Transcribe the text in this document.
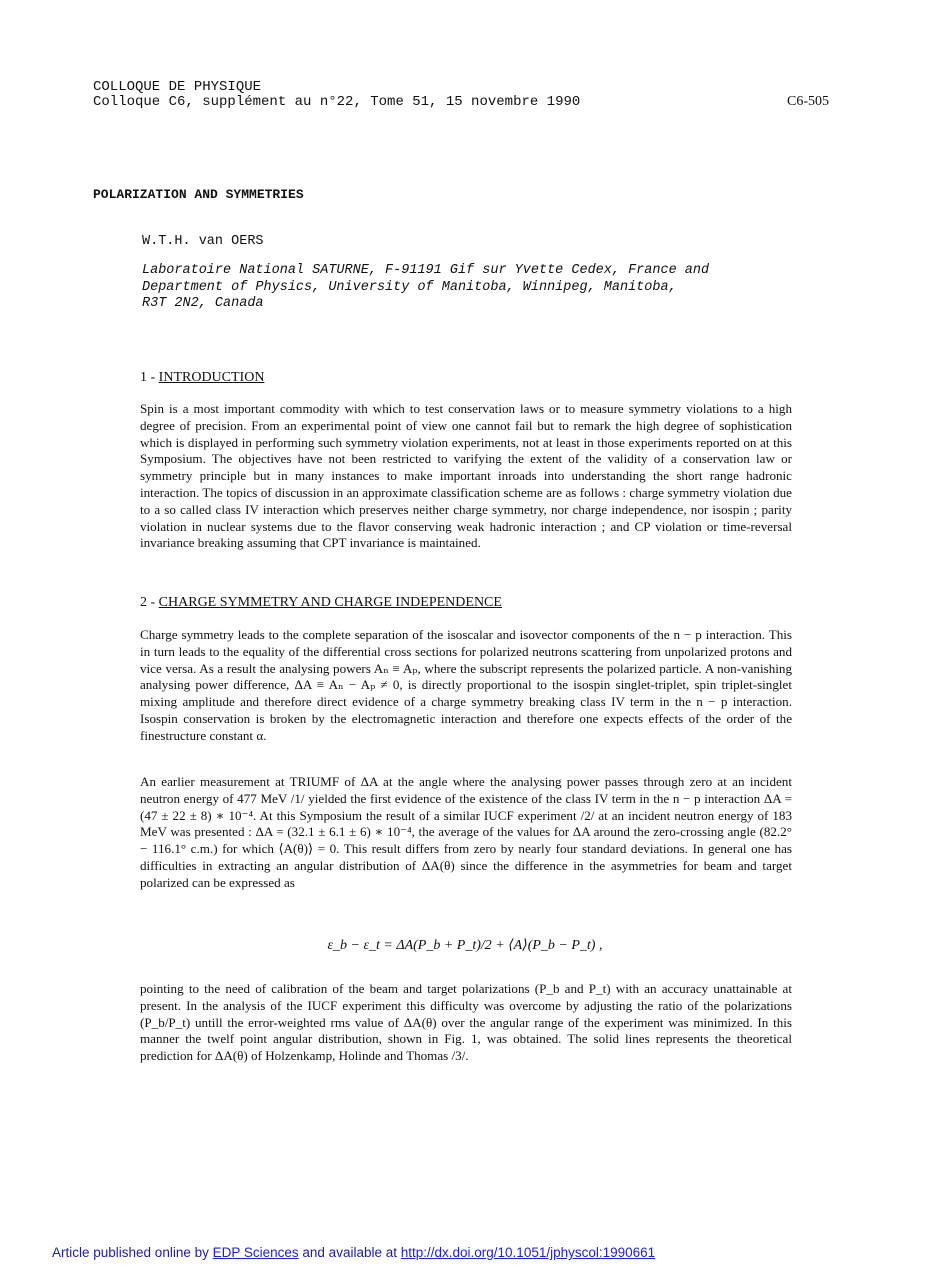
COLLOQUE DE PHYSIQUE
Colloque C6, supplément au n°22, Tome 51, 15 novembre 1990	C6-505
POLARIZATION AND SYMMETRIES
W.T.H. van OERS
Laboratoire National SATURNE, F-91191 Gif sur Yvette Cedex, France and
Department of Physics, University of Manitoba, Winnipeg, Manitoba,
R3T 2N2, Canada
1 - INTRODUCTION

Spin is a most important commodity with which to test conservation laws or to measure symmetry violations to a high degree of precision. From an experimental point of view one cannot fail but to remark the high degree of sophistication which is displayed in performing such symmetry violation experiments, not at least in those experiments reported on at this Symposium. The objectives have not been restricted to varifying the extent of the validity of a conservation law or symmetry principle but in many instances to make important inroads into understanding the short range hadronic interaction. The topics of discussion in an approximate classification scheme are as follows : charge symmetry violation due to a so called class IV interaction which preserves neither charge symmetry, nor charge independence, nor isospin ; parity violation in nuclear systems due to the flavor conserving weak hadronic interaction ; and CP violation or time-reversal invariance breaking assuming that CPT invariance is maintained.

2 - CHARGE SYMMETRY AND CHARGE INDEPENDENCE

Charge symmetry leads to the complete separation of the isoscalar and isovector components of the n − p interaction. This in turn leads to the equality of the differential cross sections for polarized neutrons scattering from unpolarized protons and vice versa. As a result the analysing powers Aₙ ≡ Aₚ, where the subscript represents the polarized particle. A non-vanishing analysing power difference, ΔA ≡ Aₙ − Aₚ ≠ 0, is directly proportional to the isospin singlet-triplet, spin triplet-singlet mixing amplitude and therefore direct evidence of a charge symmetry breaking class IV term in the n − p interaction. Isospin conservation is broken by the electromagnetic interaction and therefore one expects effects of the order of the finestructure constant α.

An earlier measurement at TRIUMF of ΔA at the angle where the analysing power passes through zero at an incident neutron energy of 477 MeV /1/ yielded the first evidence of the existence of the class IV term in the n − p interaction ΔA = (47 ± 22 ± 8) ∗ 10⁻⁴. At this Symposium the result of a similar IUCF experiment /2/ at an incident neutron energy of 183 MeV was presented : ΔA = (32.1 ± 6.1 ± 6) ∗ 10⁻⁴, the average of the values for ΔA around the zero-crossing angle (82.2° − 116.1° c.m.) for which ⟨A(θ)⟩ = 0. This result differs from zero by nearly four standard deviations. In general one has difficulties in extracting an angular distribution of ΔA(θ) since the difference in the asymmetries for beam and target polarized can be expressed as

ε_b − ε_t = ΔA(P_b + P_t)/2 + ⟨A⟩(P_b − P_t) ,

pointing to the need of calibration of the beam and target polarizations (P_b and P_t) with an accuracy unattainable at present. In the analysis of the IUCF experiment this difficulty was overcome by adjusting the ratio of the polarizations (P_b/P_t) untill the error-weighted rms value of ΔA(θ) over the angular range of the experiment was minimized. In this manner the twelf point angular distribution, shown in Fig. 1, was obtained. The solid lines represents the theoretical prediction for ΔA(θ) of Holzenkamp, Holinde and Thomas /3/.

Article published online by EDP Sciences and available at http://dx.doi.org/10.1051/jphyscol:1990661
